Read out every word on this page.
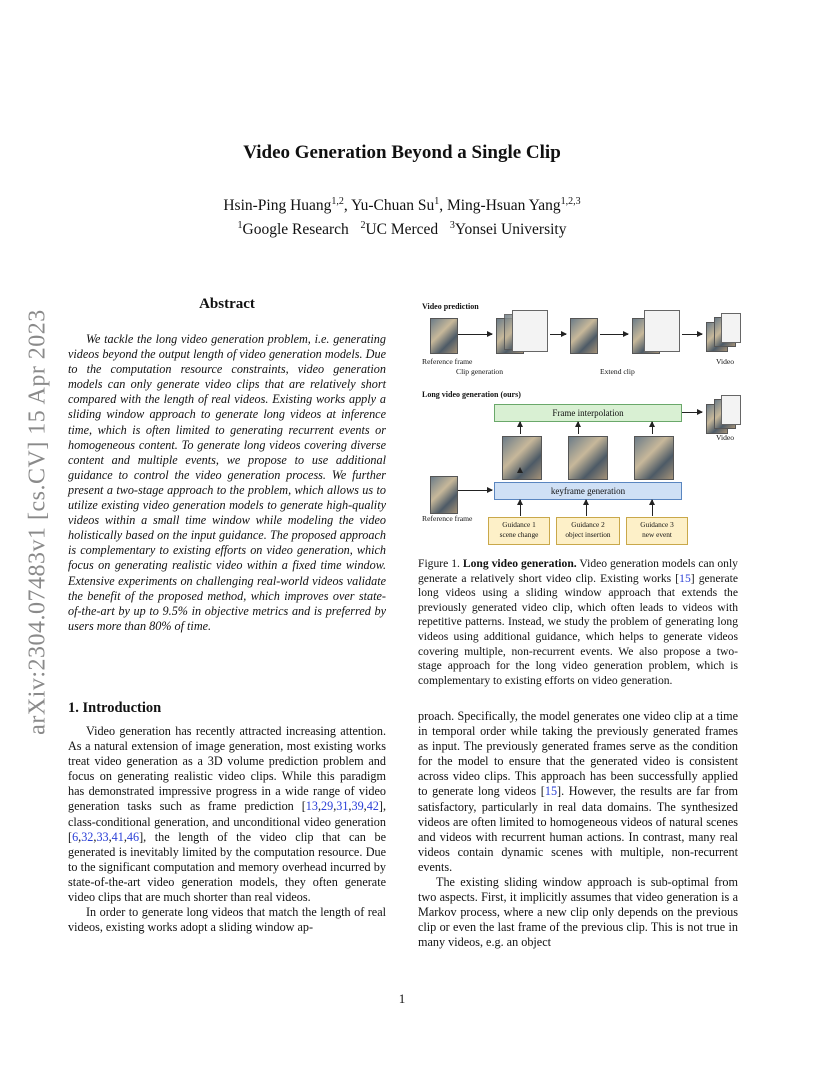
arXiv:2304.07483v1 [cs.CV] 15 Apr 2023
Video Generation Beyond a Single Clip
Hsin-Ping Huang$^{1,2}$, Yu-Chuan Su$^1$, Ming-Hsuan Yang$^{1,2,3}$
$^1$Google Research $^2$UC Merced $^3$Yonsei University
Abstract

We tackle the long video generation problem, i.e. generating videos beyond the output length of video generation models. Due to the computation resource constraints, video generation models can only generate video clips that are relatively short compared with the length of real videos. Existing works apply a sliding window approach to generate long videos at inference time, which is often limited to generating recurrent events or homogeneous content. To generate long videos covering diverse content and multiple events, we propose to use additional guidance to control the video generation process. We further present a two-stage approach to the problem, which allows us to utilize existing video generation models to generate high-quality videos within a small time window while modeling the video holistically based on the input guidance. The proposed approach is complementary to existing efforts on video generation, which focus on generating realistic video within a fixed time window. Extensive experiments on challenging real-world videos validate the benefit of the proposed method, which improves over state-of-the-art by up to 9.5% in objective metrics and is preferred by users more than 80% of time.

1. Introduction

Video generation has recently attracted increasing attention. As a natural extension of image generation, most existing works treat video generation as a 3D volume prediction problem and focus on generating realistic video clips. While this paradigm has demonstrated impressive progress in a wide range of video generation tasks such as frame prediction [13,29,31,39,42], class-conditional generation, and unconditional video generation [6,32,33,41,46], the length of the video clip that can be generated is inevitably limited by the computation resource. Due to the significant computation and memory overhead incurred by state-of-the-art video generation models, they often generate video clips that are much shorter than real videos.

In order to generate long videos that match the length of real videos, existing works adopt a sliding window ap-

proach. Specifically, the model generates one video clip at a time in temporal order while taking the previously generated frames as input. The previously generated frames serve as the condition for the model to ensure that the generated video is consistent across video clips. This approach has been successfully applied to generate long videos [15]. However, the results are far from satisfactory, particularly in real data domains. The synthesized videos are often limited to homogeneous videos of natural scenes and videos with recurrent human actions. In contrast, many real videos contain dynamic scenes with multiple, non-recurrent events.

The existing sliding window approach is sub-optimal from two aspects. First, it implicitly assumes that video generation is a Markov process, where a new clip only depends on the previous clip or even the last frame of the previous clip. This is not true in many videos, e.g. an object

Video prediction
Reference frame
Clip generation	Extend clip
Video
Long video generation (ours)
Frame interpolation
Video
Reference frame
keyframe generation
Guidance 1
scene change
Guidance 2
object insertion
Guidance 3
new event
Figure 1. Long video generation. Video generation models can only generate a relatively short video clip. Existing works [15] generate long videos using a sliding window approach that extends the previously generated video clip, which often leads to videos with repetitive patterns. Instead, we study the problem of generating long videos using additional guidance, which helps to generate videos covering multiple, non-recurrent events. We also propose a two-stage approach for the long video generation problem, which is complementary to existing efforts on video generation.
1
